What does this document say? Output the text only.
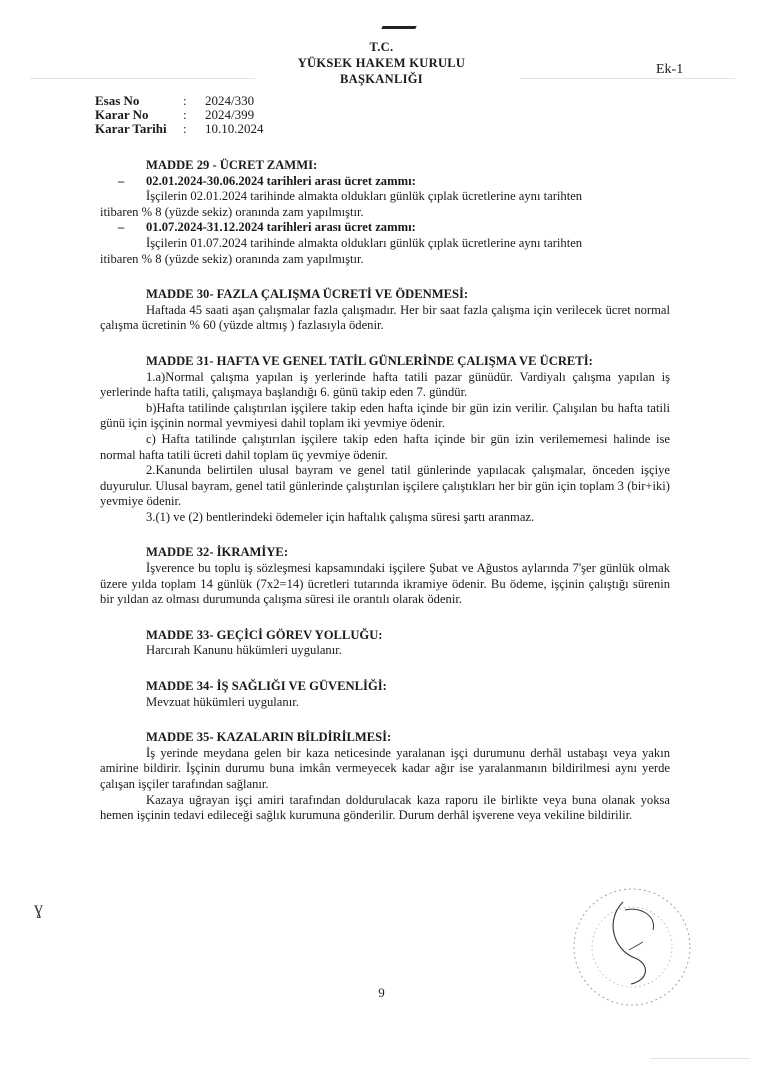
T.C.
YÜKSEK HAKEM KURULU
BAŞKANLIĞI
Ek-1
Esas No	:	2024/330
Karar No	:	2024/399
Karar Tarihi	:	10.10.2024

MADDE 29 - ÜCRET ZAMMI:

– 02.01.2024-30.06.2024 tarihleri arası ücret zammı:

İşçilerin 02.01.2024 tarihinde almakta oldukları günlük çıplak ücretlerine aynı tarihten

itibaren % 8 (yüzde sekiz) oranında zam yapılmıştır.

– 01.07.2024-31.12.2024 tarihleri arası ücret zammı:

İşçilerin 01.07.2024 tarihinde almakta oldukları günlük çıplak ücretlerine aynı tarihten

itibaren % 8 (yüzde sekiz) oranında zam yapılmıştır.

MADDE 30- FAZLA ÇALIŞMA ÜCRETİ VE ÖDENMESİ:

Haftada 45 saati aşan çalışmalar fazla çalışmadır. Her bir saat fazla çalışma için verilecek ücret normal çalışma ücretinin % 60 (yüzde altmış ) fazlasıyla ödenir.

MADDE 31- HAFTA VE GENEL TATİL GÜNLERİNDE ÇALIŞMA VE ÜCRETİ:

1.a)Normal çalışma yapılan iş yerlerinde hafta tatili pazar günüdür. Vardiyalı çalışma yapılan iş yerlerinde hafta tatili, çalışmaya başlandığı 6. günü takip eden 7. gündür.

b)Hafta tatilinde çalıştırılan işçilere takip eden hafta içinde bir gün izin verilir. Çalışılan bu hafta tatili günü için işçinin normal yevmiyesi dahil toplam iki yevmiye ödenir.

c) Hafta tatilinde çalıştırılan işçilere takip eden hafta içinde bir gün izin verilememesi halinde ise normal hafta tatili ücreti dahil toplam üç yevmiye ödenir.

2.Kanunda belirtilen ulusal bayram ve genel tatil günlerinde yapılacak çalışmalar, önceden işçiye duyurulur. Ulusal bayram, genel tatil günlerinde çalıştırılan işçilere çalıştıkları her bir gün için toplam 3 (bir+iki) yevmiye ödenir.

3.(1) ve (2) bentlerindeki ödemeler için haftalık çalışma süresi şartı aranmaz.

MADDE 32- İKRAMİYE:

İşverence bu toplu iş sözleşmesi kapsamındaki işçilere Şubat ve Ağustos aylarında 7'şer günlük olmak üzere yılda toplam 14 günlük (7x2=14) ücretleri tutarında ikramiye ödenir. Bu ödeme, işçinin çalıştığı sürenin bir yıldan az olması durumunda çalışma süresi ile orantılı olarak ödenir.

MADDE 33- GEÇİCİ GÖREV YOLLUĞU:

Harcırah Kanunu hükümleri uygulanır.

MADDE 34- İŞ SAĞLIĞI VE GÜVENLİĞİ:

Mevzuat hükümleri uygulanır.

MADDE 35- KAZALARIN BİLDİRİLMESİ:

İş yerinde meydana gelen bir kaza neticesinde yaralanan işçi durumunu derhâl ustabaşı veya yakın amirine bildirir. İşçinin durumu buna imkân vermeyecek kadar ağır ise yaralanmanın bildirilmesi aynı yerde çalışan işçiler tarafından sağlanır.

Kazaya uğrayan işçi amiri tarafından doldurulacak kaza raporu ile birlikte veya buna olanak yoksa hemen işçinin tedavi edileceği sağlık kurumuna gönderilir. Durum derhâl işverene veya vekiline bildirilir.

ɣ
9
